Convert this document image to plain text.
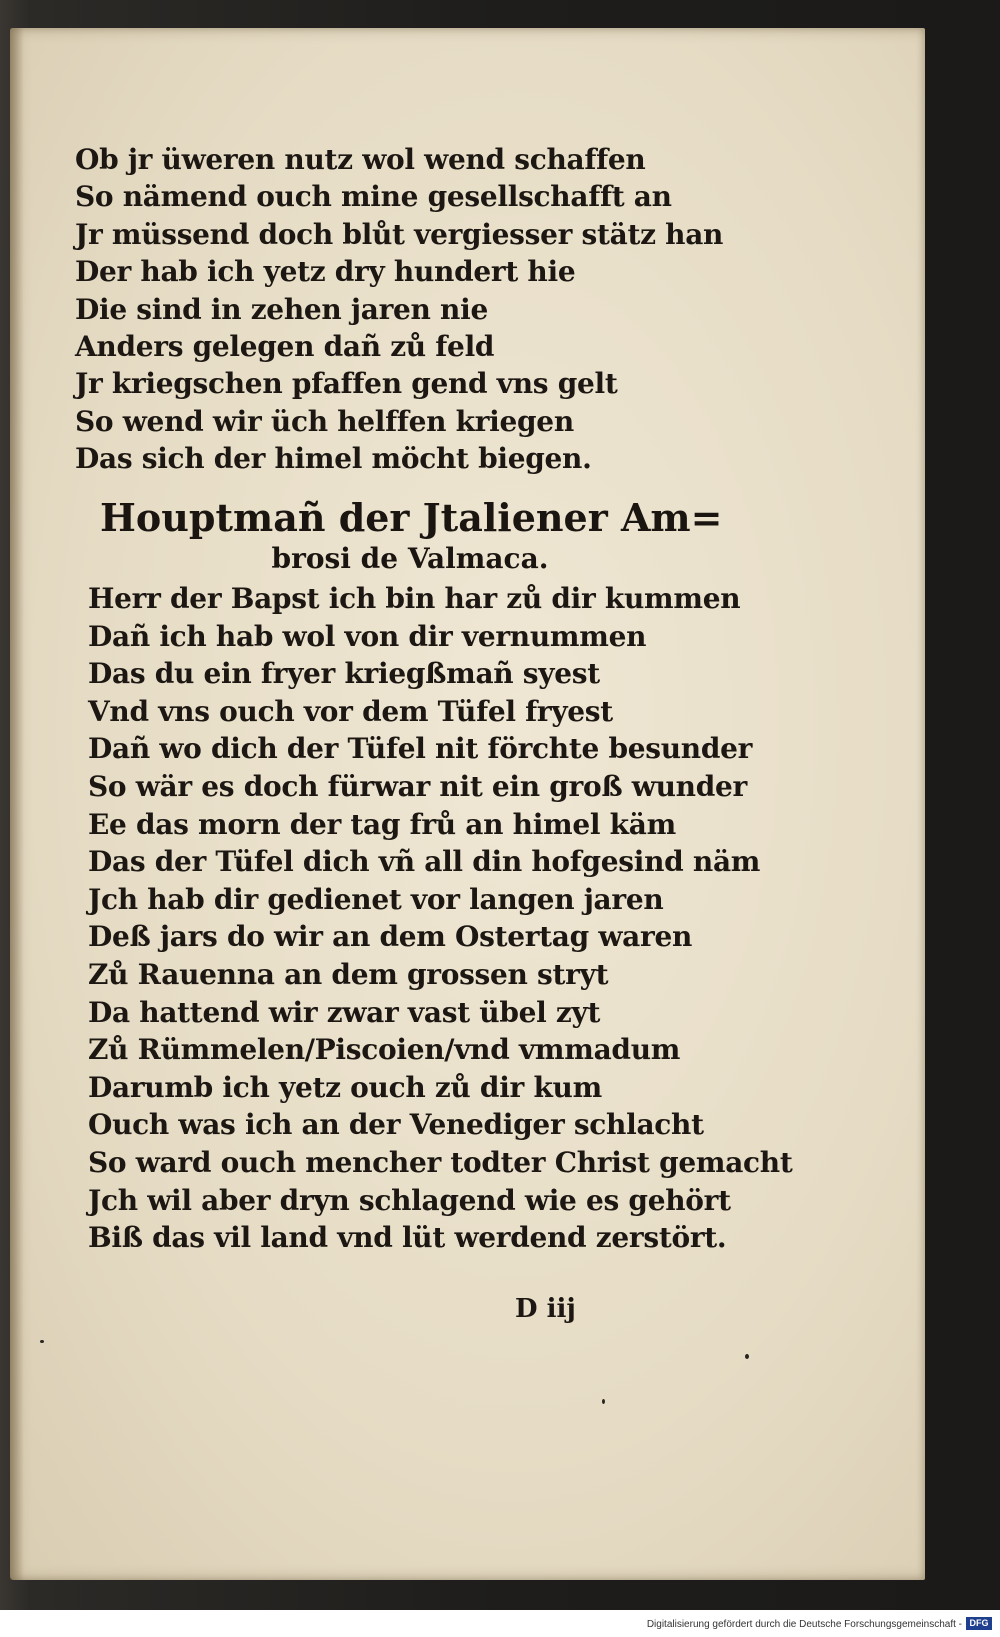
Ob jr üweren nutz wol wend schaffen
So nämend ouch mine gesellschafft an
Jr müssend doch blůt vergiesser stätz han
Der hab ich yetz dry hundert hie
Die sind in zehen jaren nie
Anders gelegen dañ zů feld
Jr kriegschen pfaffen gend vns gelt
So wend wir üch helffen kriegen
Das sich der himel möcht biegen.
Houptmañ der Jtaliener Am=
brosi de Valmaca.
Herr der Bapst ich bin har zů dir kummen
Dañ ich hab wol von dir vernummen
Das du ein fryer kriegßmañ syest
Vnd vns ouch vor dem Tüfel fryest
Dañ wo dich der Tüfel nit förchte besunder
So wär es doch fürwar nit ein groß wunder
Ee das morn der tag frů an himel käm
Das der Tüfel dich vñ all din hofgesind näm
Jch hab dir gedienet vor langen jaren
Deß jars do wir an dem Ostertag waren
Zů Rauenna an dem grossen stryt
Da hattend wir zwar vast übel zyt
Zů Rümmelen/Piscoien/vnd vmmadum
Darumb ich yetz ouch zů dir kum
Ouch was ich an der Venediger schlacht
So ward ouch mencher todter Christ gemacht
Jch wil aber dryn schlagend wie es gehört
Biß das vil land vnd lüt werdend zerstört.
D iij
Digitalisierung gefördert durch die Deutsche Forschungsgemeinschaft - DFG
